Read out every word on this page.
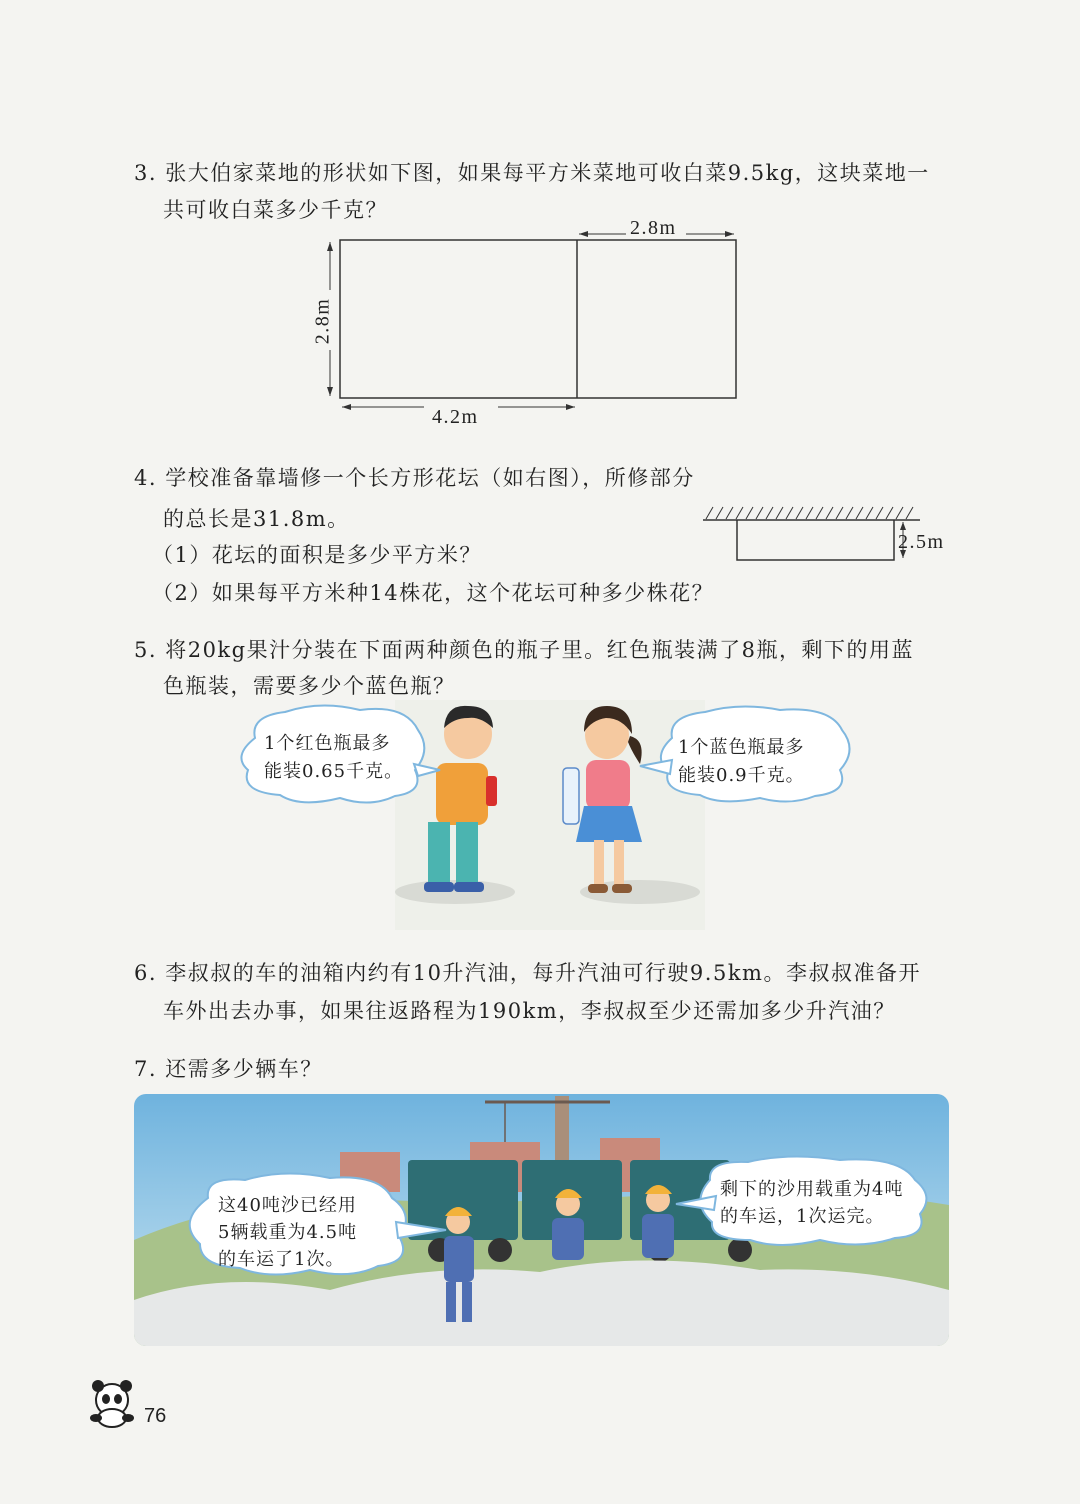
3. 张大伯家菜地的形状如下图，如果每平方米菜地可收白菜9.5kg，这块菜地一
共可收白菜多少千克？
2.8m
2.8m
4.2m
4. 学校准备靠墙修一个长方形花坛（如右图），所修部分
的总长是31.8m。
（1）花坛的面积是多少平方米？
（2）如果每平方米种14株花，这个花坛可种多少株花？
2.5m
5. 将20kg果汁分装在下面两种颜色的瓶子里。红色瓶装满了8瓶，剩下的用蓝
色瓶装，需要多少个蓝色瓶？
1个红色瓶最多
能装0.65千克。
1个蓝色瓶最多
能装0.9千克。
6. 李叔叔的车的油箱内约有10升汽油，每升汽油可行驶9.5km。李叔叔准备开
车外出去办事，如果往返路程为190km，李叔叔至少还需加多少升汽油？
7. 还需多少辆车？
这40吨沙已经用
5辆载重为4.5吨
的车运了1次。
剩下的沙用载重为4吨
的车运，1次运完。
76
